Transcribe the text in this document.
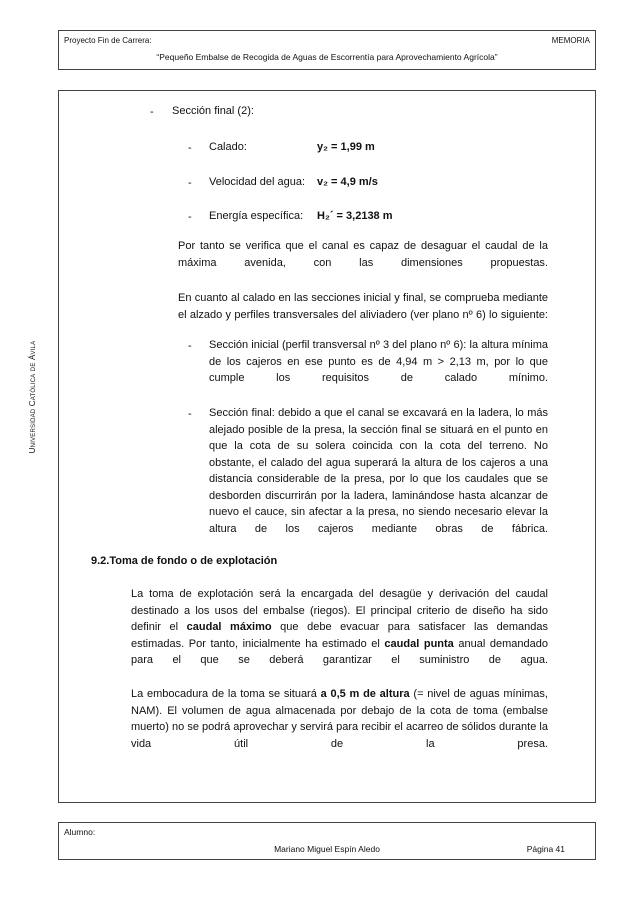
Proyecto Fin de Carrera:	MEMORIA
“Pequeño Embalse de Recogida de Aguas de Escorrentía para Aprovechamiento Agrícola”
Universidad Católica de Ávila
- Sección final (2):
- Calado:	y₂ = 1,99 m
- Velocidad del agua: v₂ = 4,9 m/s
- Energía específica: H₂´ = 3,2138 m
Por tanto se verifica que el canal es capaz de desaguar el caudal de la máxima avenida, con las dimensiones propuestas.
En cuanto al calado en las secciones inicial y final, se comprueba mediante el alzado y perfiles transversales del aliviadero (ver plano nº 6) lo siguiente:
- Sección inicial (perfil transversal nº 3 del plano nº 6): la altura mínima de los cajeros en ese punto es de 4,94 m > 2,13 m, por lo que cumple los requisitos de calado mínimo.
- Sección final: debido a que el canal se excavará en la ladera, lo más alejado posible de la presa, la sección final se situará en el punto en que la cota de su solera coincida con la cota del terreno. No obstante, el calado del agua superará la altura de los cajeros a una distancia considerable de la presa, por lo que los caudales que se desborden discurrirán por la ladera, laminándose hasta alcanzar de nuevo el cauce, sin afectar a la presa, no siendo necesario elevar la altura de los cajeros mediante obras de fábrica.
9.2.Toma de fondo o de explotación
La toma de explotación será la encargada del desagüe y derivación del caudal destinado a los usos del embalse (riegos). El principal criterio de diseño ha sido definir el caudal máximo que debe evacuar para satisfacer las demandas estimadas. Por tanto, inicialmente ha estimado el caudal punta anual demandado para el que se deberá garantizar el suministro de agua.
La embocadura de la toma se situará a 0,5 m de altura (= nivel de aguas mínimas, NAM). El volumen de agua almacenada por debajo de la cota de toma (embalse muerto) no se podrá aprovechar y servirá para recibir el acarreo de sólidos durante la vida útil de la presa.
Alumno:
Mariano Miguel Espín Aledo	Página 41
